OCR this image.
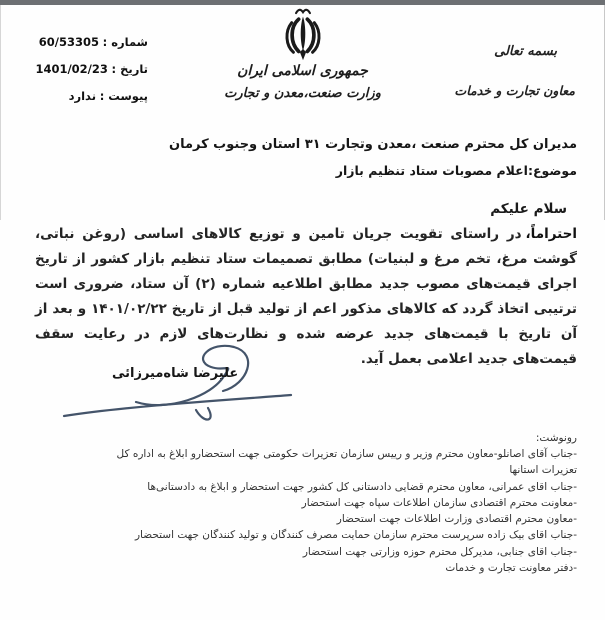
جمهوری اسلامی ایران
وزارت صنعت،معدن و تجارت
شماره : 60/53305
تاریخ : 1401/02/23
پیوست : ندارد
بسمه تعالی
معاون تجارت و خدمات
مدیران کل محترم صنعت ،معدن وتجارت ۳۱ استان وجنوب کرمان
موضوع:اعلام مصوبات ستاد تنظیم بازار
سلام علیکم

احتراماً،در راستای تقویت جریان تامین و توزیع کالاهای اساسی (روغن نباتی، گوشت مرغ، تخم مرغ و لبنیات) مطابق تصمیمات ستاد تنظیم بازار کشور از تاریخ اجرای قیمت‌های مصوب جدید مطابق اطلاعیه شماره (۲) آن ستاد، ضروری است ترتیبی اتخاذ گردد که کالاهای مذکور اعم از تولید قبل از تاریخ ۱۴۰۱/۰۲/۲۲ و بعد از آن تاریخ با قیمت‌های جدید عرضه شده و نظارت‌های لازم در رعایت سقف قیمت‌های جدید اعلامی بعمل آید.

علیرضا شاه‌میرزائی
رونوشت:
-جناب آقای اصانلو-معاون محترم وزیر و رییس سازمان تعزیرات حکومتی جهت استحضارو ابلاغ به اداره کل تعزیرات استانها
-جناب اقای عمرانی، معاون محترم قضایی دادستانی کل کشور جهت استحضار و ابلاغ به دادستانی‌ها
-معاونت محترم اقتصادی سازمان اطلاعات سپاه جهت استحضار
-معاون محترم اقتصادی وزارت اطلاعات جهت استحضار
-جناب اقای بیک زاده سرپرست محترم سازمان حمایت مصرف کنندگان و تولید کنندگان جهت استحضار
-جناب اقای جنابی، مدیرکل محترم حوزه وزارتی جهت استحضار
-دفتر معاونت تجارت و خدمات
